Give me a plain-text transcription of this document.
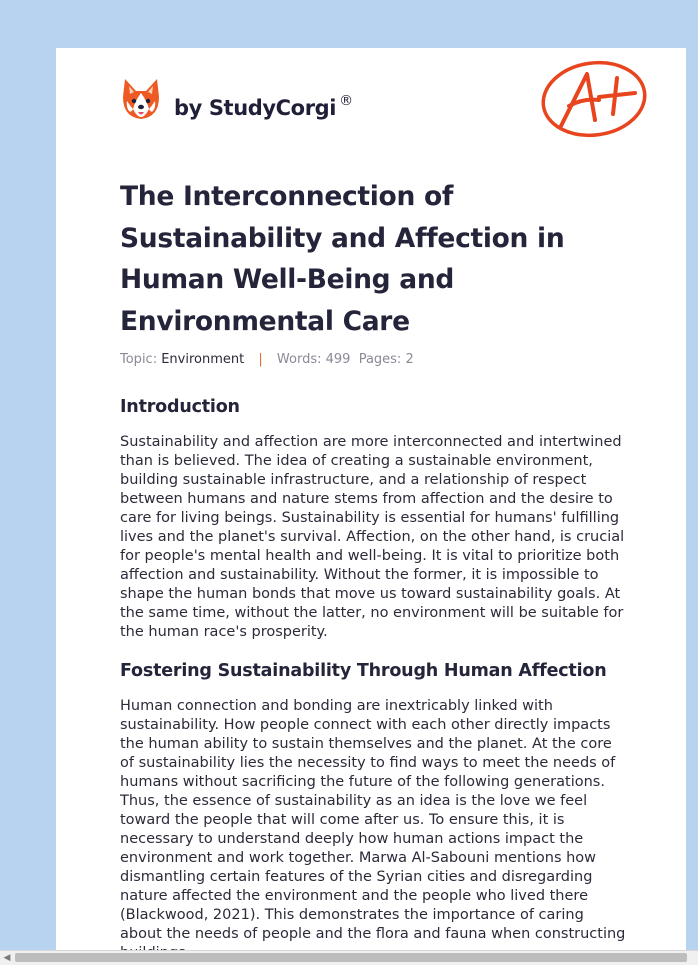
by StudyCorgi ®
The Interconnection of Sustainability and Affection in Human Well-Being and Environmental Care
Topic: Environment | Words: 499 Pages: 2
Introduction

Sustainability and affection are more interconnected and intertwined than is believed. The idea of creating a sustainable environment, building sustainable infrastructure, and a relationship of respect between humans and nature stems from affection and the desire to care for living beings. Sustainability is essential for humans' fulfilling lives and the planet's survival. Affection, on the other hand, is crucial for people's mental health and well-being. It is vital to prioritize both affection and sustainability. Without the former, it is impossible to shape the human bonds that move us toward sustainability goals. At the same time, without the latter, no environment will be suitable for the human race's prosperity.

Fostering Sustainability Through Human Affection

Human connection and bonding are inextricably linked with sustainability. How people connect with each other directly impacts the human ability to sustain themselves and the planet. At the core of sustainability lies the necessity to find ways to meet the needs of humans without sacrificing the future of the following generations. Thus, the essence of sustainability as an idea is the love we feel toward the people that will come after us. To ensure this, it is necessary to understand deeply how human actions impact the environment and work together. Marwa Al-Sabouni mentions how dismantling certain features of the Syrian cities and disregarding nature affected the environment and the people who lived there (Blackwood, 2021). This demonstrates the importance of caring about the needs of people and the flora and fauna when constructing

◀
